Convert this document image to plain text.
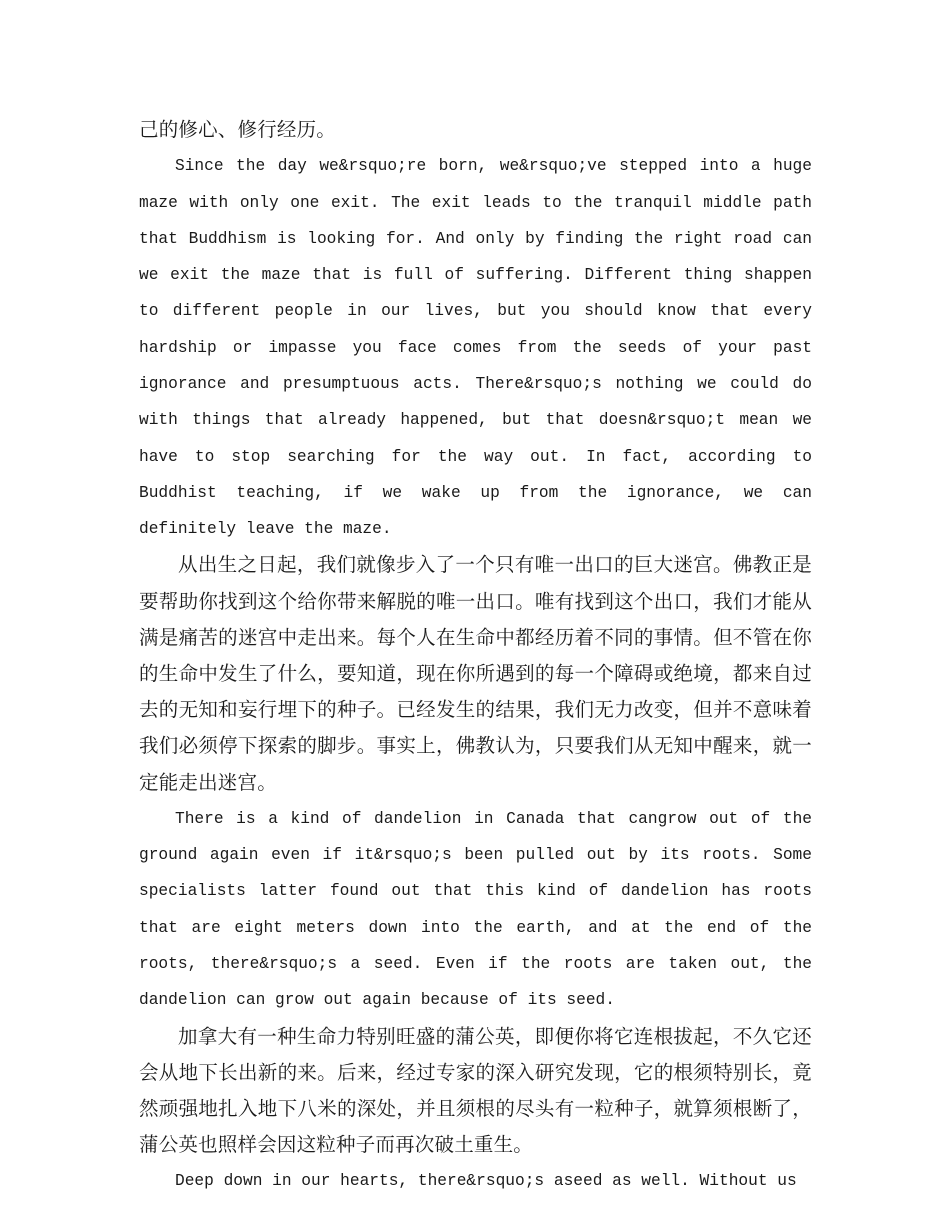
己的修心、修行经历。

Since the day we&rsquo;re born, we&rsquo;ve stepped into a huge maze with only one exit. The exit leads to the tranquil middle path that Buddhism is looking for. And only by finding the right road can we exit the maze that is full of suffering. Different thing shappen to different people in our lives, but you should know that every hardship or impasse you face comes from the seeds of your past ignorance and presumptuous acts. There&rsquo;s nothing we could do with things that already happened, but that doesn&rsquo;t mean we have to stop searching for the way out. In fact, according to Buddhist teaching, if we wake up from the ignorance, we can definitely leave the maze.

从出生之日起，我们就像步入了一个只有唯一出口的巨大迷宫。佛教正是要帮助你找到这个给你带来解脱的唯一出口。唯有找到这个出口，我们才能从满是痛苦的迷宫中走出来。每个人在生命中都经历着不同的事情。但不管在你的生命中发生了什么，要知道，现在你所遇到的每一个障碍或绝境，都来自过去的无知和妄行埋下的种子。已经发生的结果，我们无力改变，但并不意味着我们必须停下探索的脚步。事实上，佛教认为，只要我们从无知中醒来，就一定能走出迷宫。

There is a kind of dandelion in Canada that cangrow out of the ground again even if it&rsquo;s been pulled out by its roots. Some specialists latter found out that this kind of dandelion has roots that are eight meters down into the earth, and at the end of the roots, there&rsquo;s a seed. Even if the roots are taken out, the dandelion can grow out again because of its seed.

加拿大有一种生命力特别旺盛的蒲公英，即便你将它连根拔起，不久它还会从地下长出新的来。后来，经过专家的深入研究发现，它的根须特别长，竟然顽强地扎入地下八米的深处，并且须根的尽头有一粒种子，就算须根断了，蒲公英也照样会因这粒种子而再次破土重生。

Deep down in our hearts, there&rsquo;s aseed as well. Without us
